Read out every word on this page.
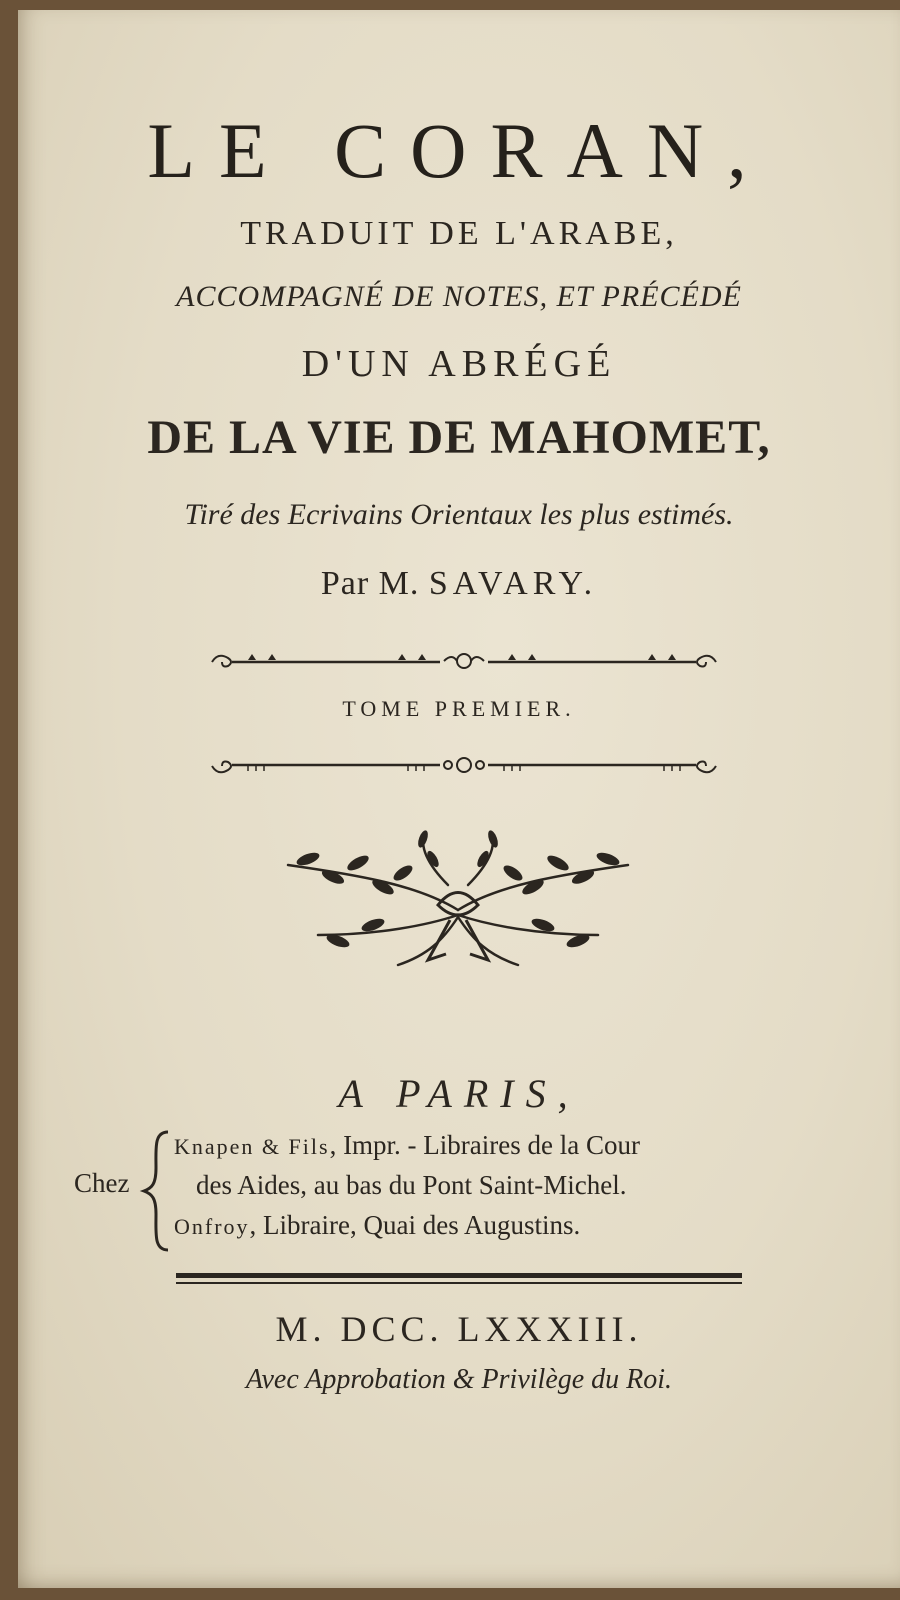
LE CORAN,
TRADUIT DE L'ARABE,
ACCOMPAGNÉ DE NOTES, ET PRÉCÉDÉ
D'UN ABRÉGÉ
DE LA VIE DE MAHOMET,
Tiré des Ecrivains Orientaux les plus estimés.
Par M. SAVARY.
TOME PREMIER.
A PARIS,
Chez
Knapen & Fils, Impr. - Libraires de la Cour
des Aides, au bas du Pont Saint-Michel.
Onfroy, Libraire, Quai des Augustins.
M. DCC. LXXXIII.
Avec Approbation & Privilège du Roi.
